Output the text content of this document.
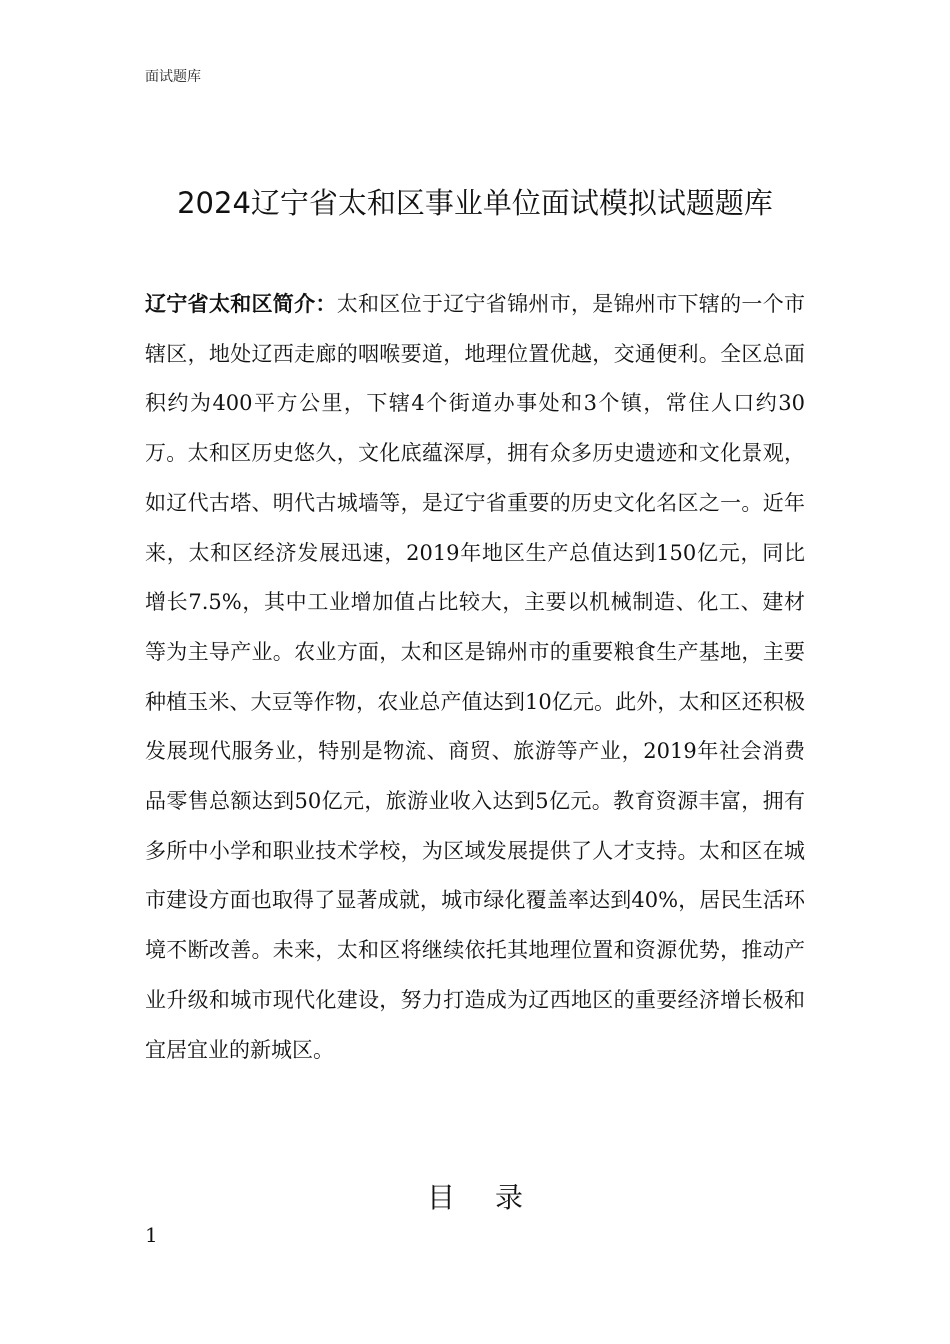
面试题库
2024辽宁省太和区事业单位面试模拟试题题库

辽宁省太和区简介：太和区位于辽宁省锦州市，是锦州市下辖的一个市辖区，地处辽西走廊的咽喉要道，地理位置优越，交通便利。全区总面积约为400平方公里，下辖4个街道办事处和3个镇，常住人口约30万。太和区历史悠久，文化底蕴深厚，拥有众多历史遗迹和文化景观，如辽代古塔、明代古城墙等，是辽宁省重要的历史文化名区之一。近年来，太和区经济发展迅速，2019年地区生产总值达到150亿元，同比增长7.5%，其中工业增加值占比较大，主要以机械制造、化工、建材等为主导产业。农业方面，太和区是锦州市的重要粮食生产基地，主要种植玉米、大豆等作物，农业总产值达到10亿元。此外，太和区还积极发展现代服务业，特别是物流、商贸、旅游等产业，2019年社会消费品零售总额达到50亿元，旅游业收入达到5亿元。教育资源丰富，拥有多所中小学和职业技术学校，为区域发展提供了人才支持。太和区在城市建设方面也取得了显著成就，城市绿化覆盖率达到40%，居民生活环境不断改善。未来，太和区将继续依托其地理位置和资源优势，推动产业升级和城市现代化建设，努力打造成为辽西地区的重要经济增长极和宜居宜业的新城区。

目录
1
